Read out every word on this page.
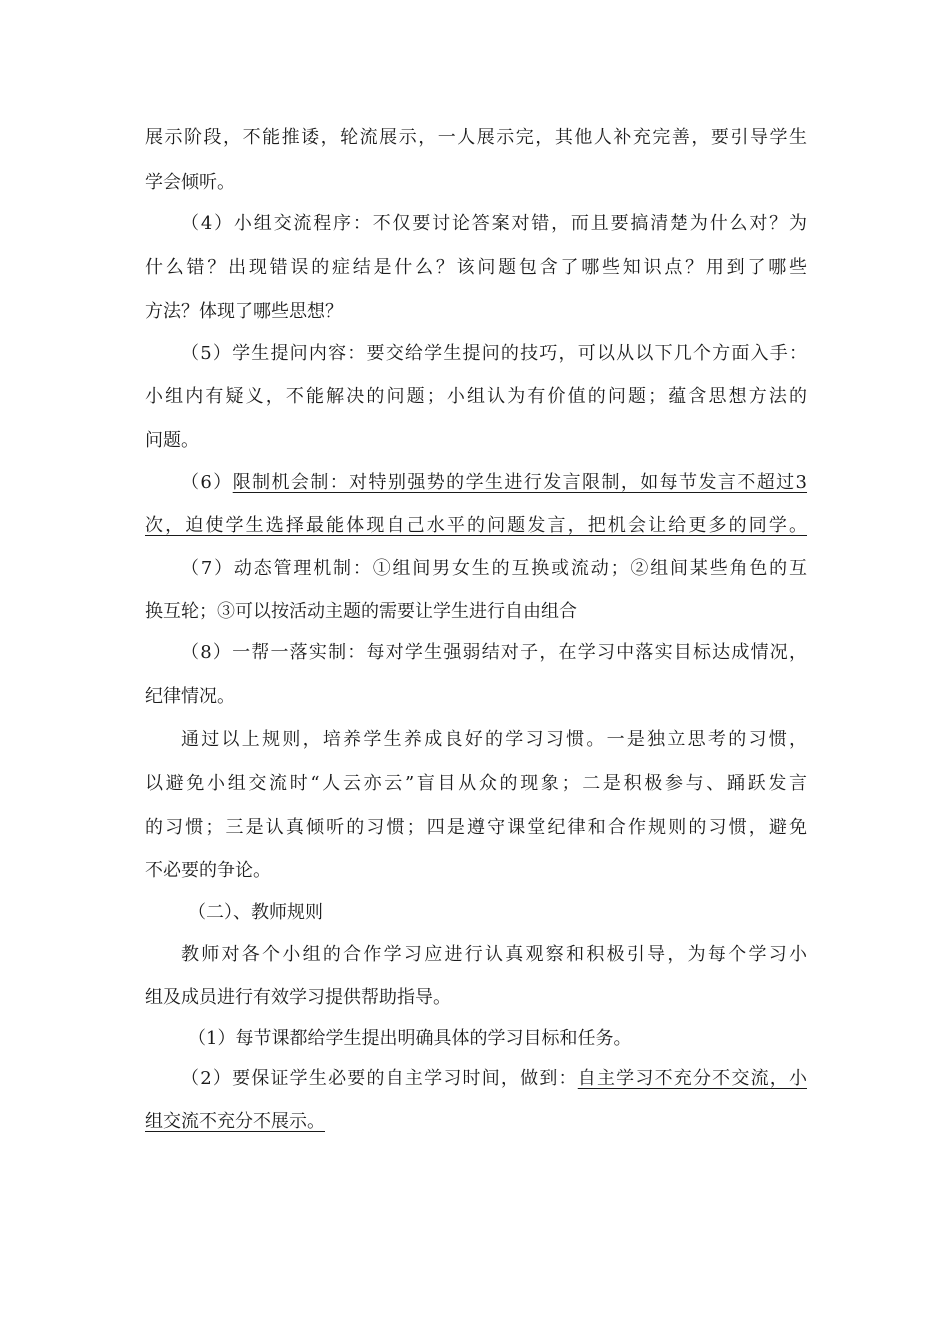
展示阶段，不能推诿，轮流展示，一人展示完，其他人补充完善，要引导学生
学会倾听。
（4）小组交流程序：不仅要讨论答案对错，而且要搞清楚为什么对？为
什么错？出现错误的症结是什么？该问题包含了哪些知识点？用到了哪些
方法？体现了哪些思想？
（5）学生提问内容：要交给学生提问的技巧，可以从以下几个方面入手：
小组内有疑义，不能解决的问题；小组认为有价值的问题；蕴含思想方法的
问题。
（6）限制机会制：对特别强势的学生进行发言限制，如每节发言不超过3
次，迫使学生选择最能体现自己水平的问题发言，把机会让给更多的同学。
（7）动态管理机制：①组间男女生的互换或流动；②组间某些角色的互
换互轮；③可以按活动主题的需要让学生进行自由组合
（8）一帮一落实制：每对学生强弱结对子，在学习中落实目标达成情况，
纪律情况。
通过以上规则，培养学生养成良好的学习习惯。一是独立思考的习惯，
以避免小组交流时“人云亦云”盲目从众的现象；二是积极参与、踊跃发言
的习惯；三是认真倾听的习惯；四是遵守课堂纪律和合作规则的习惯，避免
不必要的争论。
（二）、教师规则
教师对各个小组的合作学习应进行认真观察和积极引导，为每个学习小
组及成员进行有效学习提供帮助指导。
（1）每节课都给学生提出明确具体的学习目标和任务。
（2）要保证学生必要的自主学习时间，做到：自主学习不充分不交流，小
组交流不充分不展示。
